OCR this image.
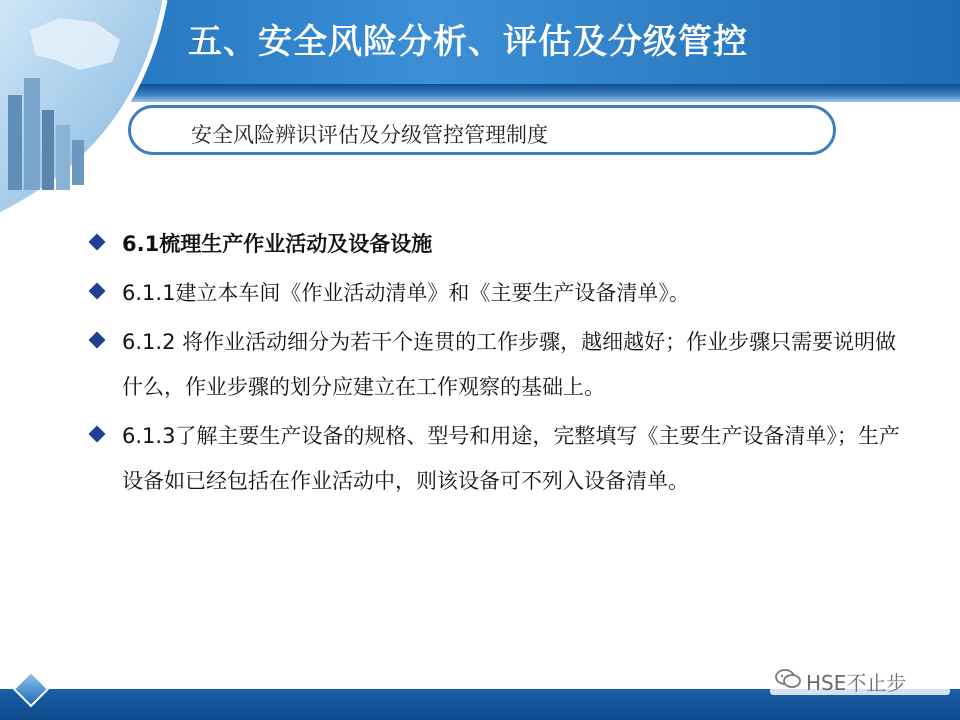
五、安全风险分析、评估及分级管控
安全风险辨识评估及分级管控管理制度
6.1梳理生产作业活动及设备设施
6.1.1建立本车间《作业活动清单》和《主要生产设备清单》。
6.1.2 将作业活动细分为若干个连贯的工作步骤，越细越好；作业步骤只需要说明做什么，作业步骤的划分应建立在工作观察的基础上。
6.1.3了解主要生产设备的规格、型号和用途，完整填写《主要生产设备清单》；生产设备如已经包括在作业活动中，则该设备可不列入设备清单。
HSE不止步
